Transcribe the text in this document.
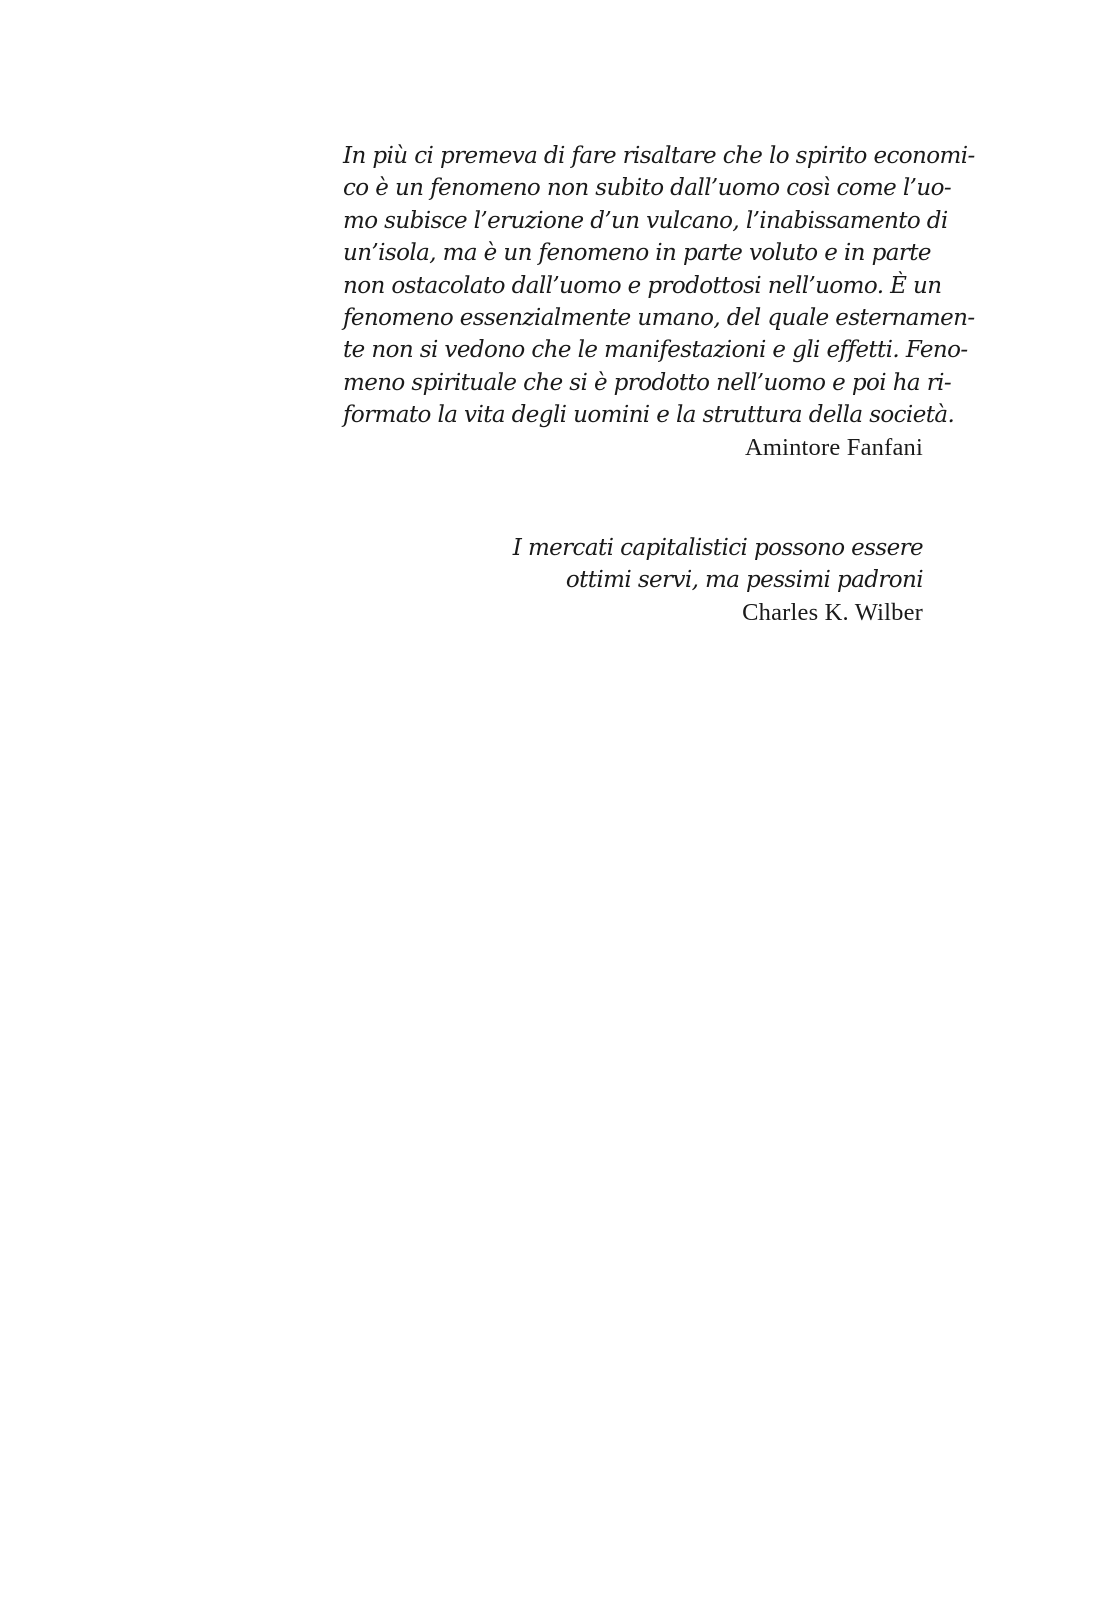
In più ci premeva di fare risaltare che lo spirito economi-
co è un fenomeno non subito dall’uomo così come l’uo-
mo subisce l’eruzione d’un vulcano, l’inabissamento di
un’isola, ma è un fenomeno in parte voluto e in parte
non ostacolato dall’uomo e prodottosi nell’uomo. È un
fenomeno essenzialmente umano, del quale esternamen-
te non si vedono che le manifestazioni e gli effetti. Feno-
meno spirituale che si è prodotto nell’uomo e poi ha ri-
formato la vita degli uomini e la struttura della società.
Amintore Fanfani
I mercati capitalistici possono essere
ottimi servi, ma pessimi padroni
Charles K. Wilber
